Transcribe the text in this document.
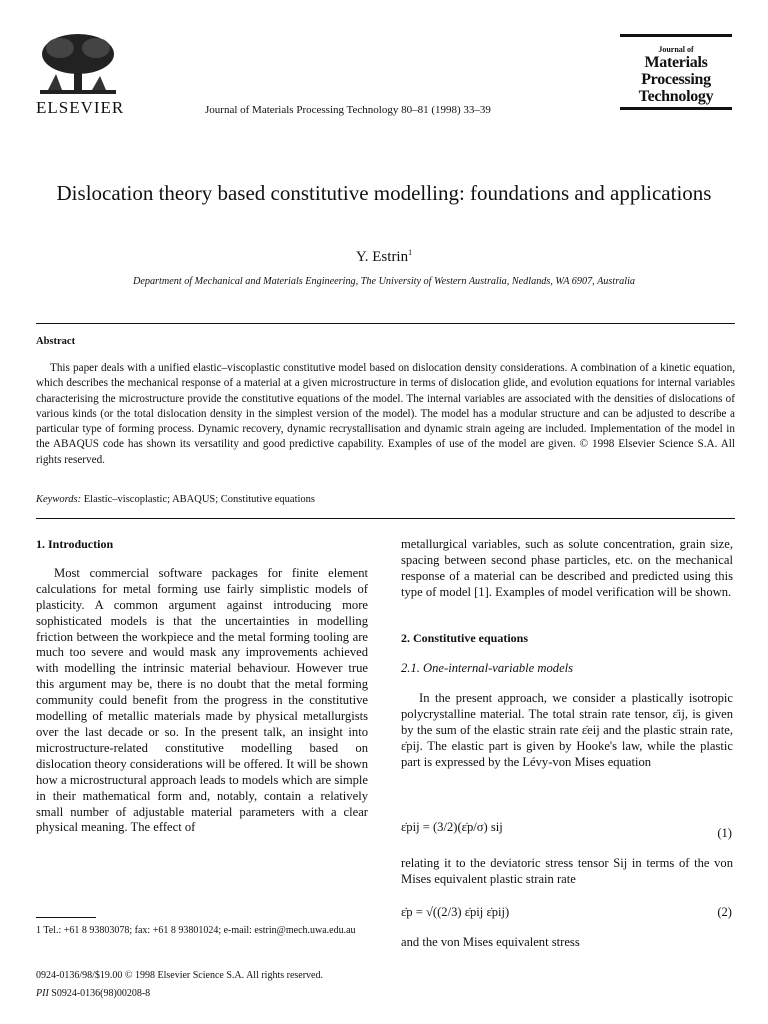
ELSEVIER	Journal of Materials Processing Technology 80–81 (1998) 33–39
Journal of
Materials
Processing
Technology
Dislocation theory based constitutive modelling: foundations and applications
Y. Estrin$^1$
Department of Mechanical and Materials Engineering, The University of Western Australia, Nedlands, WA 6907, Australia
Abstract
This paper deals with a unified elastic–viscoplastic constitutive model based on dislocation density considerations. A combination of a kinetic equation, which describes the mechanical response of a material at a given microstructure in terms of dislocation glide, and evolution equations for internal variables characterising the microstructure provide the constitutive equations of the model. The internal variables are associated with the densities of dislocations of various kinds (or the total dislocation density in the simplest version of the model). The model has a modular structure and can be adjusted to describe a particular type of forming process. Dynamic recovery, dynamic recrystallisation and dynamic strain ageing are included. Implementation of the model in the ABAQUS code has shown its versatility and good predictive capability. Examples of use of the model are given. © 1998 Elsevier Science S.A. All rights reserved.
Keywords: Elastic–viscoplastic; ABAQUS; Constitutive equations
1. Introduction
Most commercial software packages for finite element calculations for metal forming use fairly simplistic models of plasticity. A common argument against introducing more sophisticated models is that the uncertainties in modelling friction between the workpiece and the metal forming tooling are much too severe and would mask any improvements achieved with modelling the intrinsic material behaviour. However true this argument may be, there is no doubt that the metal forming community could benefit from the progress in the constitutive modelling of metallic materials made by physical metallurgists over the last decade or so. In the present talk, an insight into microstructure-related constitutive modelling based on dislocation theory considerations will be offered. It will be shown how a microstructural approach leads to models which are simple in their mathematical form and, notably, contain a relatively small number of adjustable material parameters with a clear physical meaning. The effect of
metallurgical variables, such as solute concentration, grain size, spacing between second phase particles, etc. on the mechanical response of a material can be described and predicted using this type of model [1]. Examples of model verification will be shown.
2. Constitutive equations
2.1. One-internal-variable models
In the present approach, we consider a plastically isotropic polycrystalline material. The total strain rate tensor, ε̇ij, is given by the sum of the elastic strain rate ε̇eij and the plastic strain rate, ε̇pij. The elastic part is given by Hooke's law, while the plastic part is expressed by the Lévy-von Mises equation
ε̇pij = (3/2)(ε̇p/σ) sij	(1)
relating it to the deviatoric stress tensor Sij in terms of the von Mises equivalent plastic strain rate
ε̇p = √((2/3) ε̇pij ε̇pij)	(2)
and the von Mises equivalent stress
1 Tel.: +61 8 93803078; fax: +61 8 93801024; e-mail: estrin@mech.uwa.edu.au
0924-0136/98/$19.00 © 1998 Elsevier Science S.A. All rights reserved.
PII S0924-0136(98)00208-8
